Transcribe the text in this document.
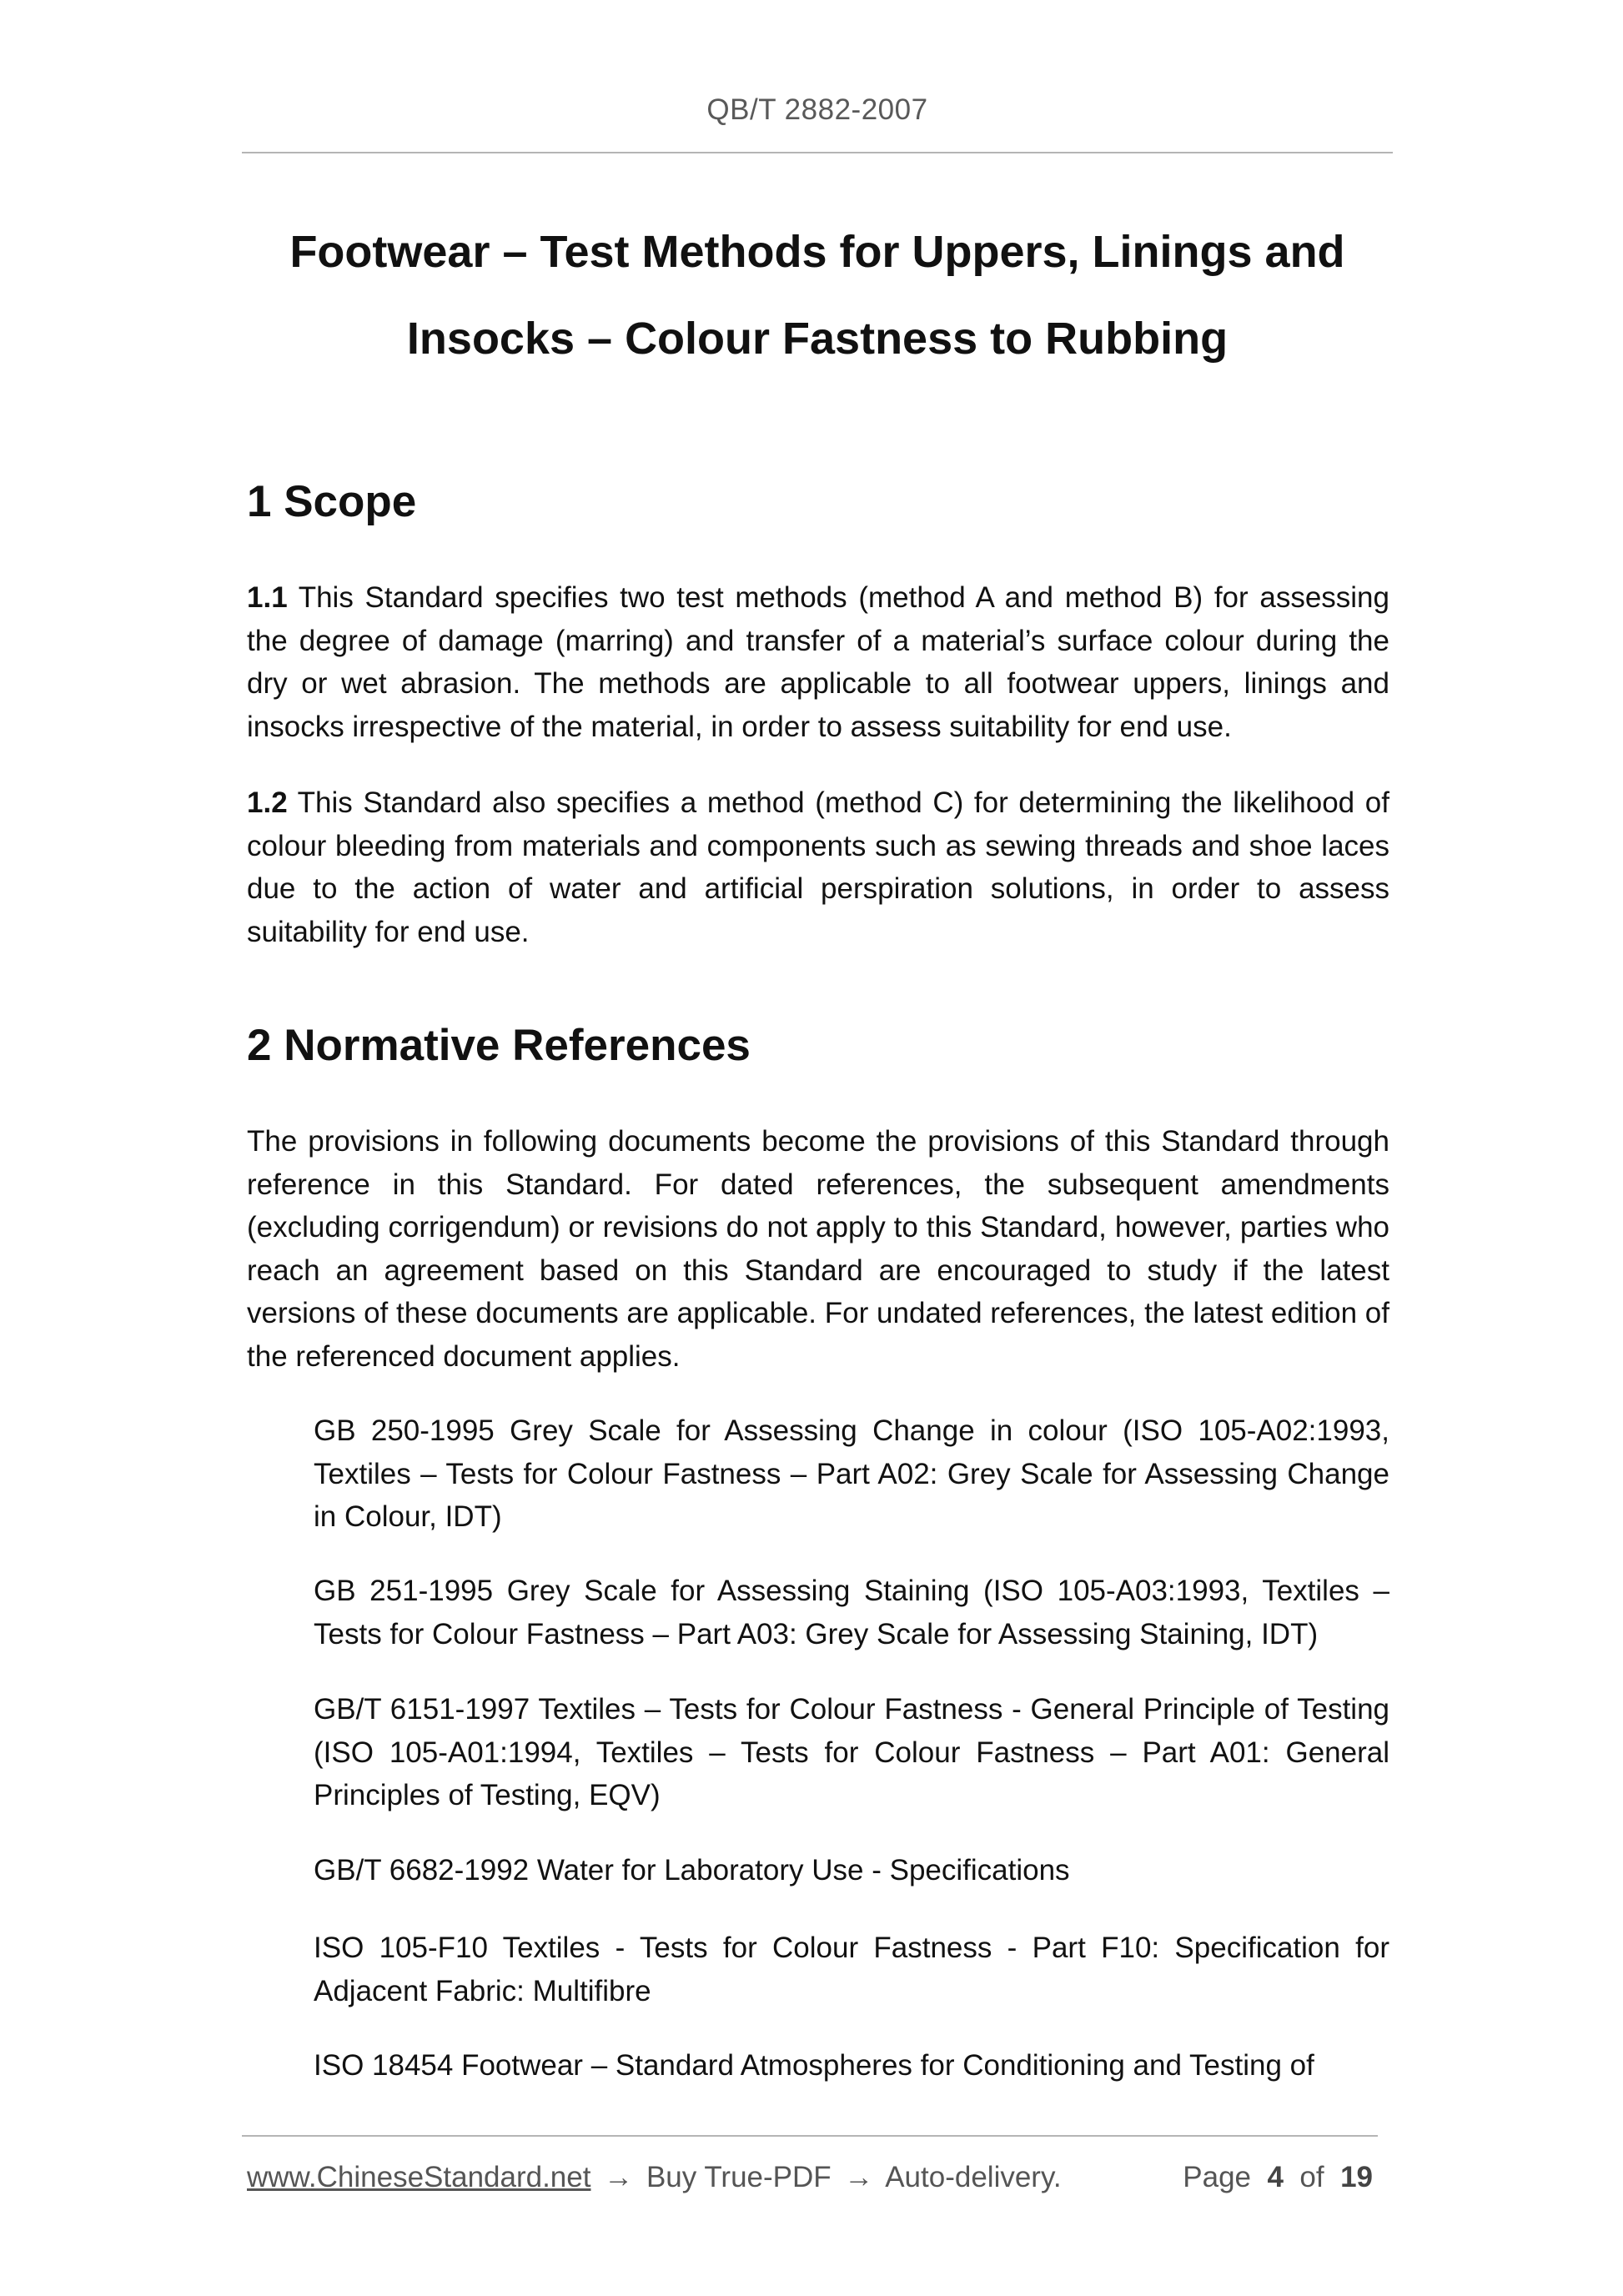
QB/T 2882-2007
Footwear – Test Methods for Uppers, Linings and
Insocks – Colour Fastness to Rubbing
1 Scope

1.1 This Standard specifies two test methods (method A and method B) for assessing the degree of damage (marring) and transfer of a material’s surface colour during the dry or wet abrasion. The methods are applicable to all footwear uppers, linings and insocks irrespective of the material, in order to assess suitability for end use.

1.2 This Standard also specifies a method (method C) for determining the likelihood of colour bleeding from materials and components such as sewing threads and shoe laces due to the action of water and artificial perspiration solutions, in order to assess suitability for end use.

2 Normative References

The provisions in following documents become the provisions of this Standard through reference in this Standard. For dated references, the subsequent amendments (excluding corrigendum) or revisions do not apply to this Standard, however, parties who reach an agreement based on this Standard are encouraged to study if the latest versions of these documents are applicable. For undated references, the latest edition of the referenced document applies.

GB 250-1995 Grey Scale for Assessing Change in colour (ISO 105-A02:1993, Textiles – Tests for Colour Fastness – Part A02: Grey Scale for Assessing Change in Colour, IDT)

GB 251-1995 Grey Scale for Assessing Staining (ISO 105-A03:1993, Textiles – Tests for Colour Fastness – Part A03: Grey Scale for Assessing Staining, IDT)

GB/T 6151-1997 Textiles – Tests for Colour Fastness - General Principle of Testing (ISO 105-A01:1994, Textiles – Tests for Colour Fastness – Part A01: General Principles of Testing, EQV)

GB/T 6682-1992 Water for Laboratory Use - Specifications

ISO 105-F10 Textiles - Tests for Colour Fastness - Part F10: Specification for Adjacent Fabric: Multifibre

ISO 18454 Footwear – Standard Atmospheres for Conditioning and Testing of

www.ChineseStandard.net → Buy True-PDF → Auto-delivery.	Page 4 of 19
